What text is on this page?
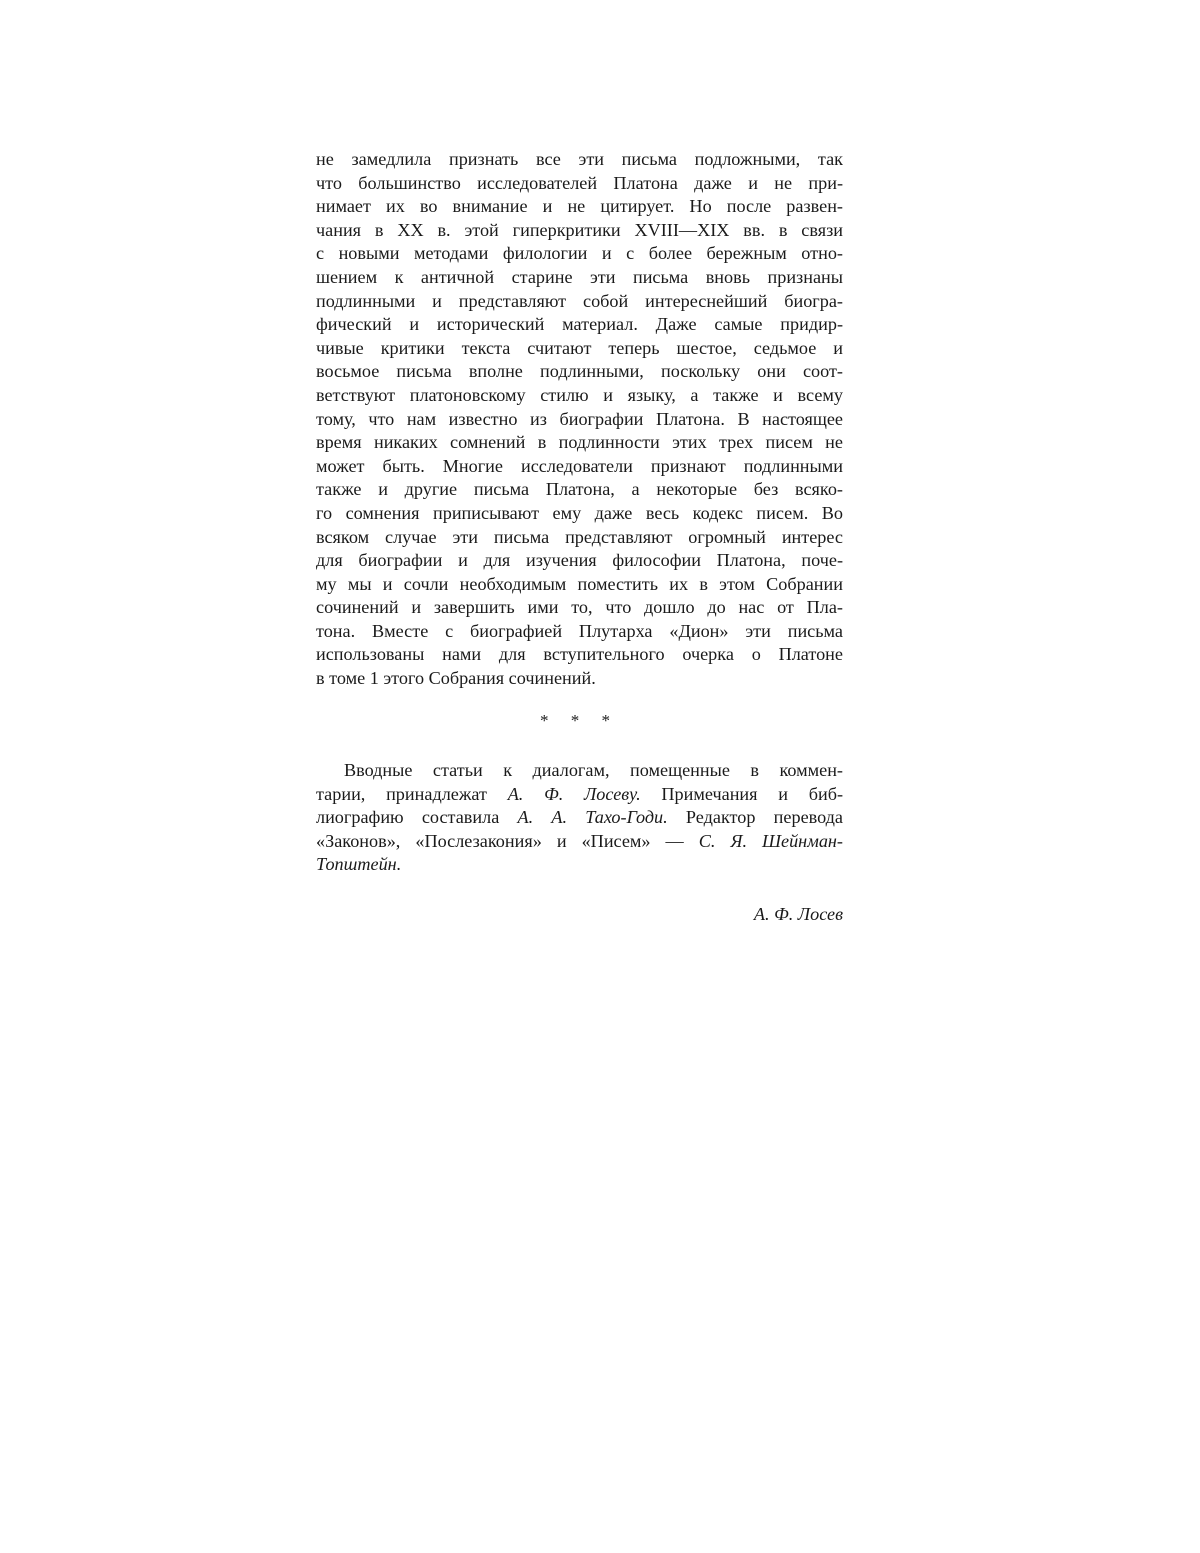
не замедлила признать все эти письма подложными, так
что большинство исследователей Платона даже и не при-
нимает их во внимание и не цитирует. Но после развен-
чания в XX в. этой гиперкритики XVIII—XIX вв. в связи
с новыми методами филологии и с более бережным отно-
шением к античной старине эти письма вновь признаны
подлинными и представляют собой интереснейший биогра-
фический и исторический материал. Даже самые придир-
чивые критики текста считают теперь шестое, седьмое и
восьмое письма вполне подлинными, поскольку они соот-
ветствуют платоновскому стилю и языку, а также и всему
тому, что нам известно из биографии Платона. В настоящее
время никаких сомнений в подлинности этих трех писем не
может быть. Многие исследователи признают подлинными
также и другие письма Платона, а некоторые без всяко-
го сомнения приписывают ему даже весь кодекс писем. Во
всяком случае эти письма представляют огромный интерес
для биографии и для изучения философии Платона, поче-
му мы и сочли необходимым поместить их в этом Собрании
сочинений и завершить ими то, что дошло до нас от Пла-
тона. Вместе с биографией Плутарха «Дион» эти письма
использованы нами для вступительного очерка о Платоне
в томе 1 этого Собрания сочинений.
* * *
Вводные статьи к диалогам, помещенные в коммен-
тарии, принадлежат А. Ф. Лосеву. Примечания и биб-
лиографию составила А. А. Тахо-Годи. Редактор перевода
«Законов», «Послезакония» и «Писем» — С. Я. Шейнман-
Топштейн.
А. Ф. Лосев
